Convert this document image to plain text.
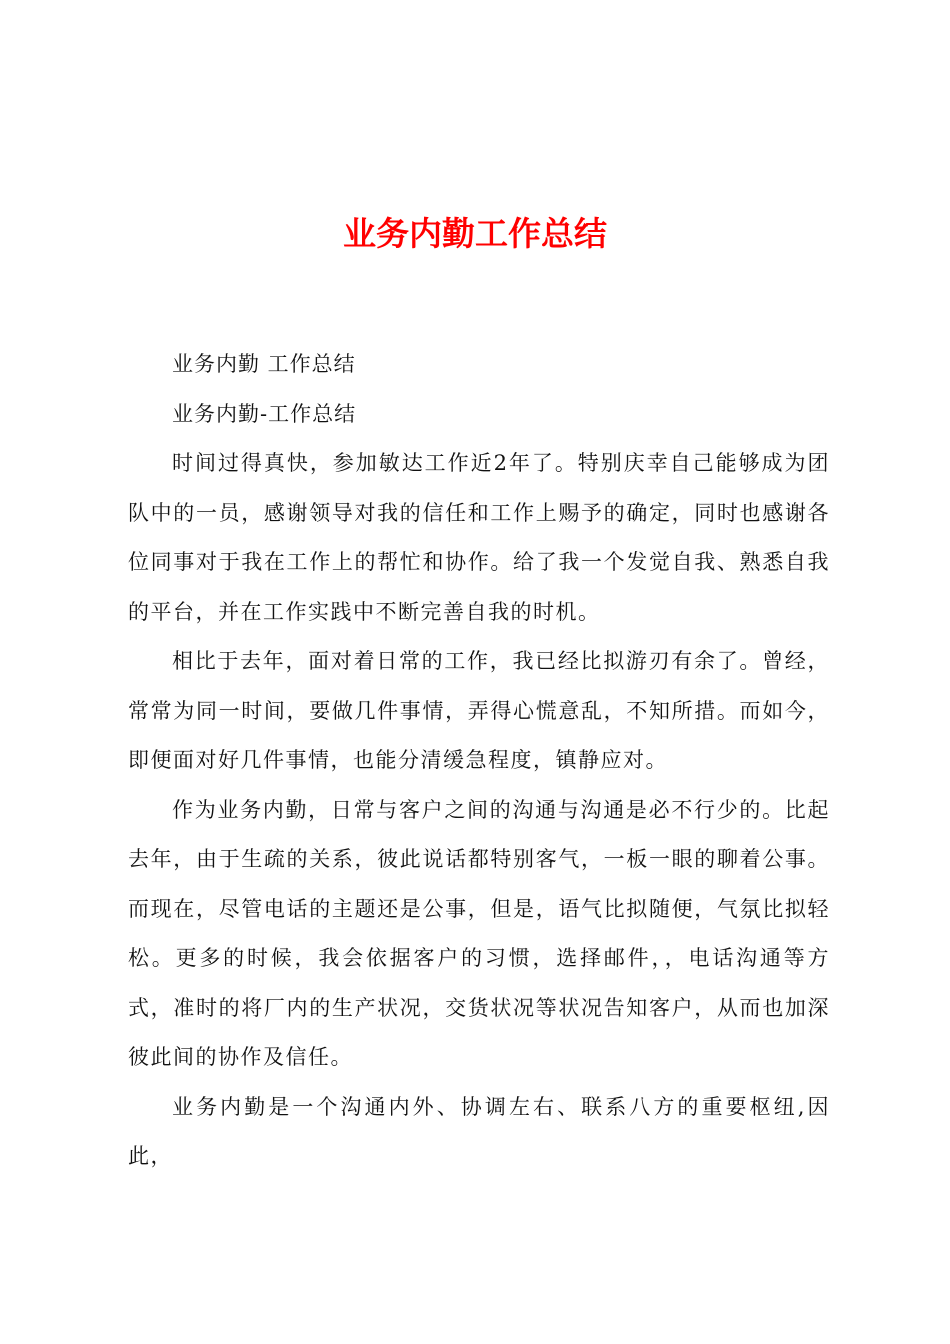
业务内勤工作总结

业务内勤 工作总结

业务内勤-工作总结

时间过得真快，参加敏达工作近2年了。特别庆幸自己能够成为团队中的一员，感谢领导对我的信任和工作上赐予的确定，同时也感谢各位同事对于我在工作上的帮忙和协作。给了我一个发觉自我、熟悉自我的平台，并在工作实践中不断完善自我的时机。

相比于去年，面对着日常的工作，我已经比拟游刃有余了。曾经，常常为同一时间，要做几件事情，弄得心慌意乱，不知所措。而如今，即便面对好几件事情，也能分清缓急程度，镇静应对。

作为业务内勤，日常与客户之间的沟通与沟通是必不行少的。比起去年，由于生疏的关系，彼此说话都特别客气，一板一眼的聊着公事。而现在，尽管电话的主题还是公事，但是，语气比拟随便，气氛比拟轻松。更多的时候，我会依据客户的习惯，选择邮件，，电话沟通等方式，准时的将厂内的生产状况，交货状况等状况告知客户，从而也加深彼此间的协作及信任。

业务内勤是一个沟通内外、协调左右、联系八方的重要枢纽,因此，
